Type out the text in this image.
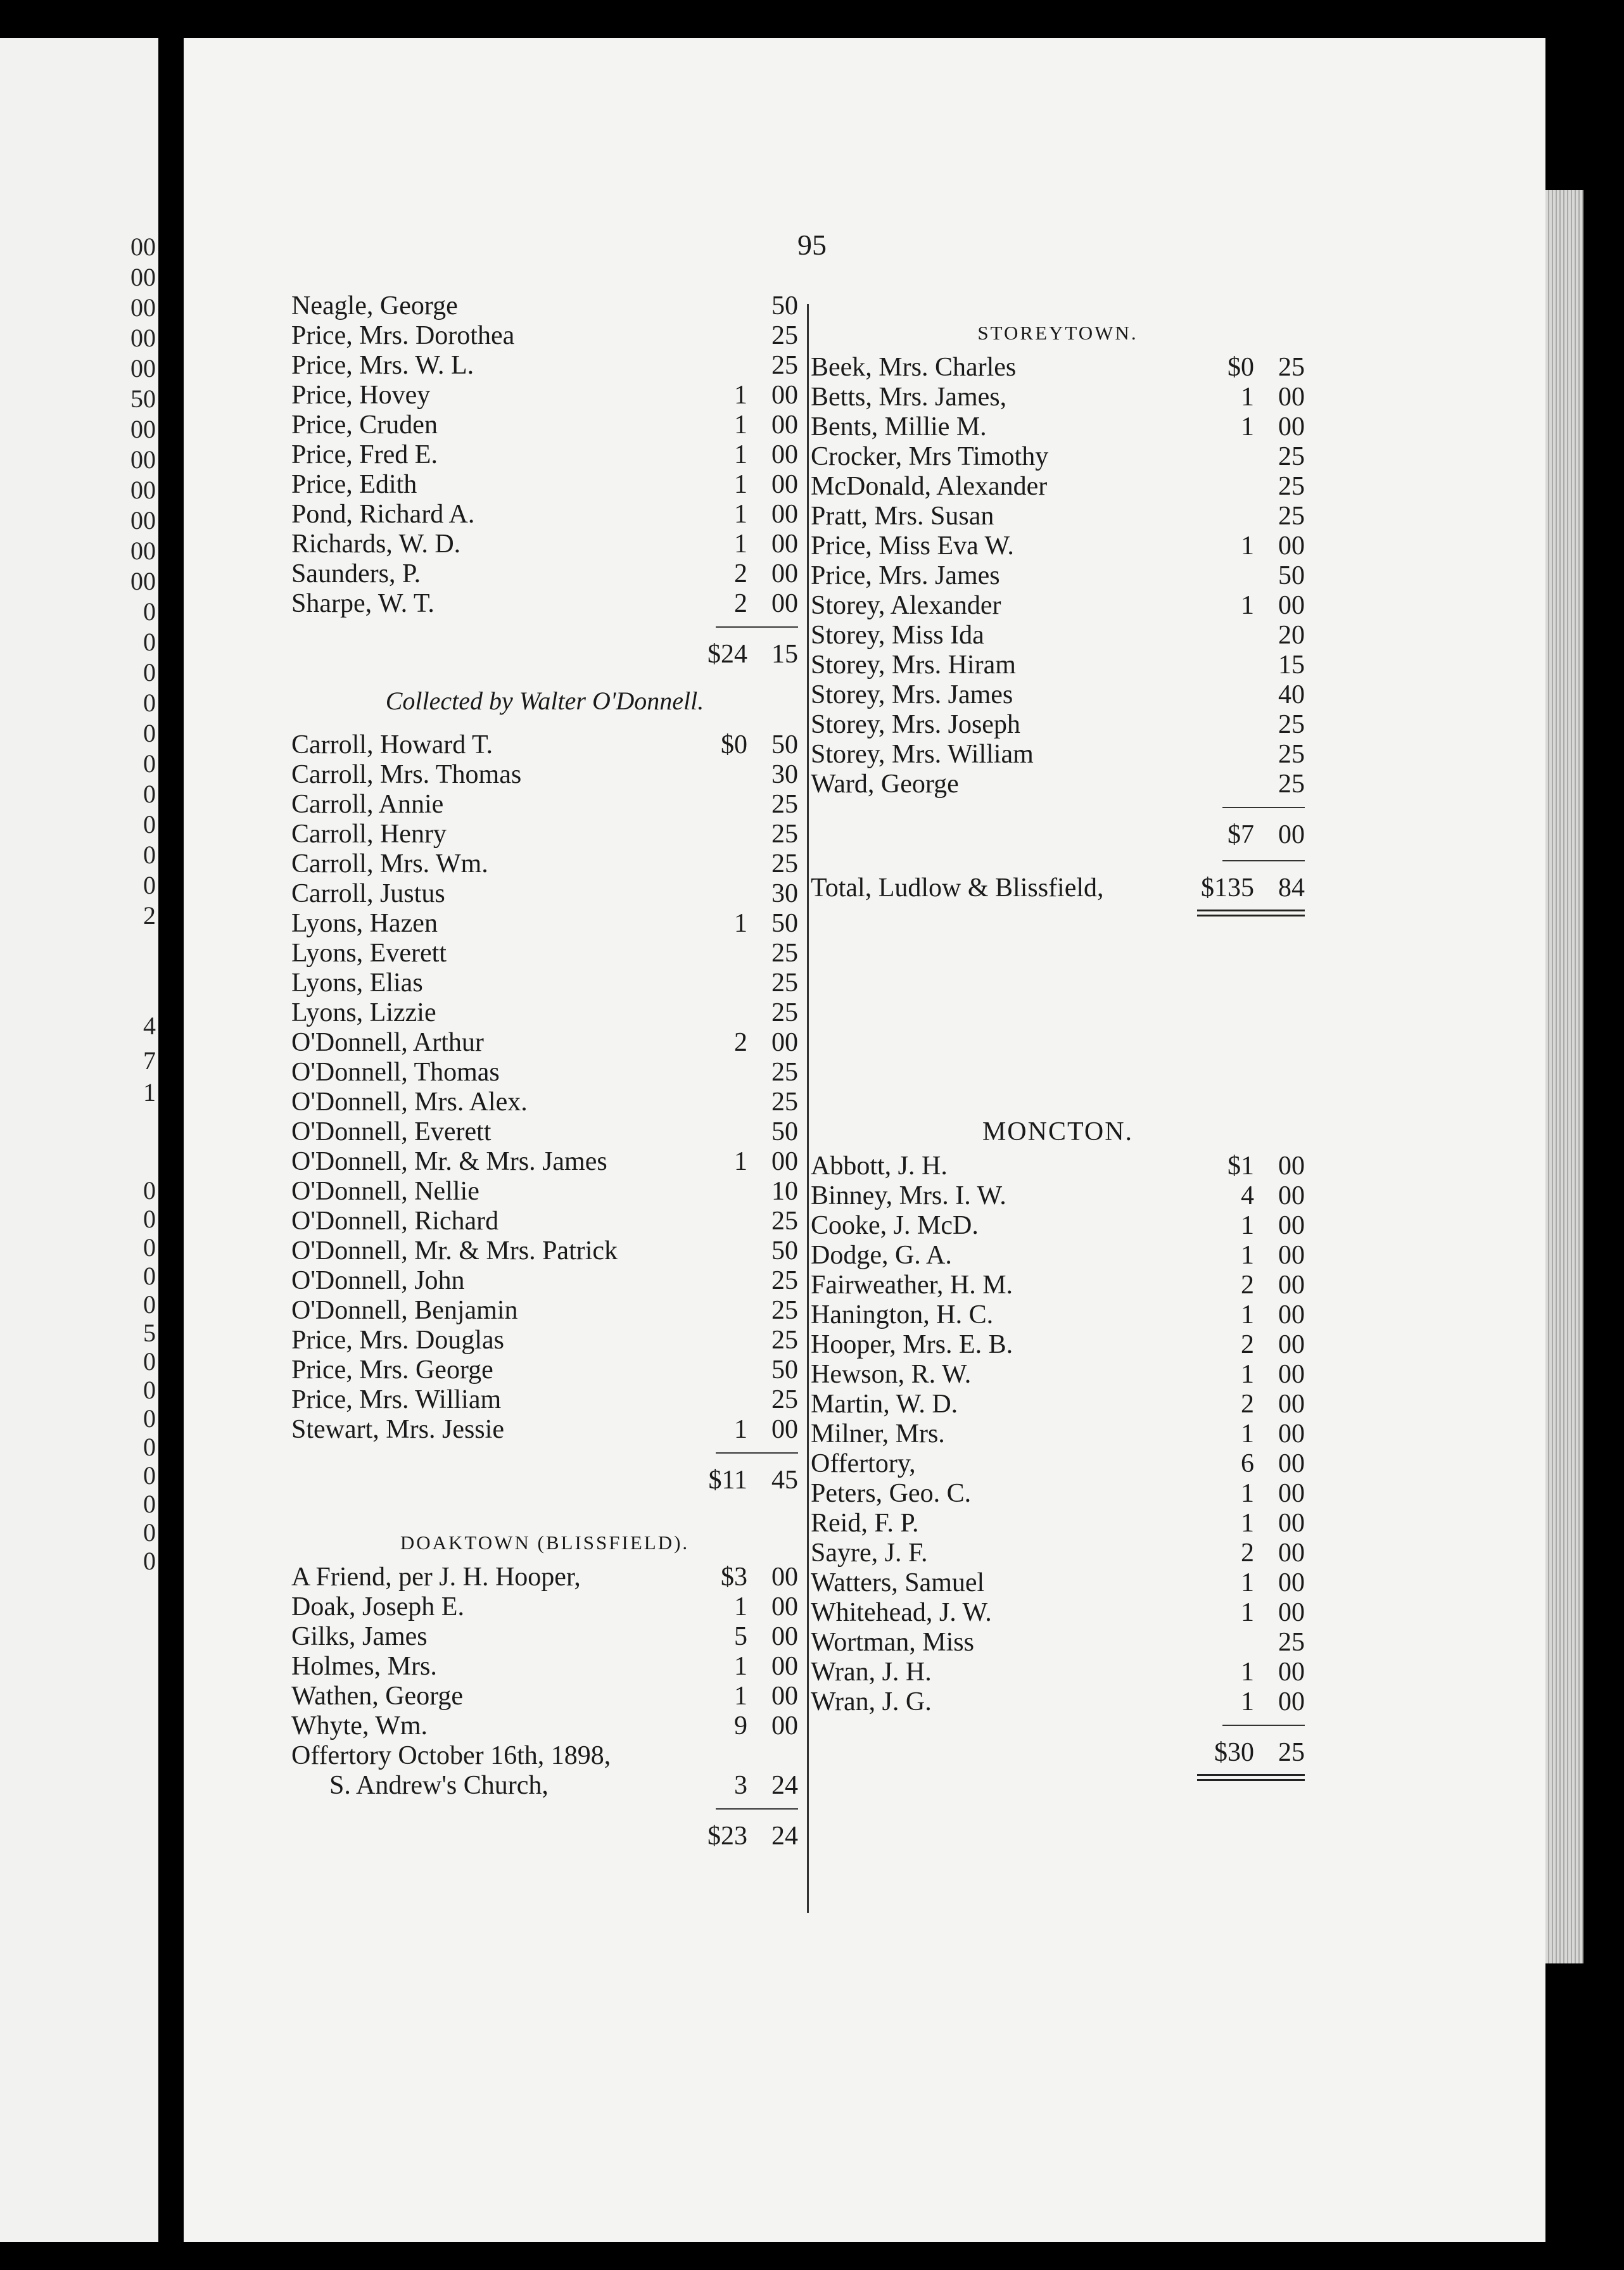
00
00
00
00
00
50
00
00
00
00
00
00
0
0
0
0
0
0
0
0
0
0
2
4
7
1
0
0
0
0
0
5
0
0
0
0
0
0
0
0
95
Neagle, George	50
Price, Mrs. Dorothea	25
Price, Mrs. W. L.	25
Price, Hovey	1 00
Price, Cruden	1 00
Price, Fred E.	1 00
Price, Edith	1 00
Pond, Richard A.	1 00
Richards, W. D.	1 00
Saunders, P.	2 00
Sharpe, W. T.	2 00
$24 15
Collected by Walter O'Donnell.
Carroll, Howard T.	$0 50
Carroll, Mrs. Thomas	30
Carroll, Annie	25
Carroll, Henry	25
Carroll, Mrs. Wm.	25
Carroll, Justus	30
Lyons, Hazen	1 50
Lyons, Everett	25
Lyons, Elias	25
Lyons, Lizzie	25
O'Donnell, Arthur	2 00
O'Donnell, Thomas	25
O'Donnell, Mrs. Alex.	25
O'Donnell, Everett	50
O'Donnell, Mr. & Mrs. James	1 00
O'Donnell, Nellie	10
O'Donnell, Richard	25
O'Donnell, Mr. & Mrs. Patrick	50
O'Donnell, John	25
O'Donnell, Benjamin	25
Price, Mrs. Douglas	25
Price, Mrs. George	50
Price, Mrs. William	25
Stewart, Mrs. Jessie	1 00
$11 45
DOAKTOWN (BLISSFIELD).
A Friend, per J. H. Hooper,	$3 00
Doak, Joseph E.	1 00
Gilks, James	5 00
Holmes, Mrs.	1 00
Wathen, George	1 00
Whyte, Wm.	9 00
Offertory October 16th, 1898,
S. Andrew's Church,	3 24
$23 24
STOREYTOWN.
Beek, Mrs. Charles	$0 25
Betts, Mrs. James,	1 00
Bents, Millie M.	1 00
Crocker, Mrs Timothy	25
McDonald, Alexander	25
Pratt, Mrs. Susan	25
Price, Miss Eva W.	1 00
Price, Mrs. James	50
Storey, Alexander	1 00
Storey, Miss Ida	20
Storey, Mrs. Hiram	15
Storey, Mrs. James	40
Storey, Mrs. Joseph	25
Storey, Mrs. William	25
Ward, George	25
$7 00
Total, Ludlow & Blissfield,	$135 84
MONCTON.
Abbott, J. H.	$1 00
Binney, Mrs. I. W.	4 00
Cooke, J. McD.	1 00
Dodge, G. A.	1 00
Fairweather, H. M.	2 00
Hanington, H. C.	1 00
Hooper, Mrs. E. B.	2 00
Hewson, R. W.	1 00
Martin, W. D.	2 00
Milner, Mrs.	1 00
Offertory,	6 00
Peters, Geo. C.	1 00
Reid, F. P.	1 00
Sayre, J. F.	2 00
Watters, Samuel	1 00
Whitehead, J. W.	1 00
Wortman, Miss	25
Wran, J. H.	1 00
Wran, J. G.	1 00
$30 25
